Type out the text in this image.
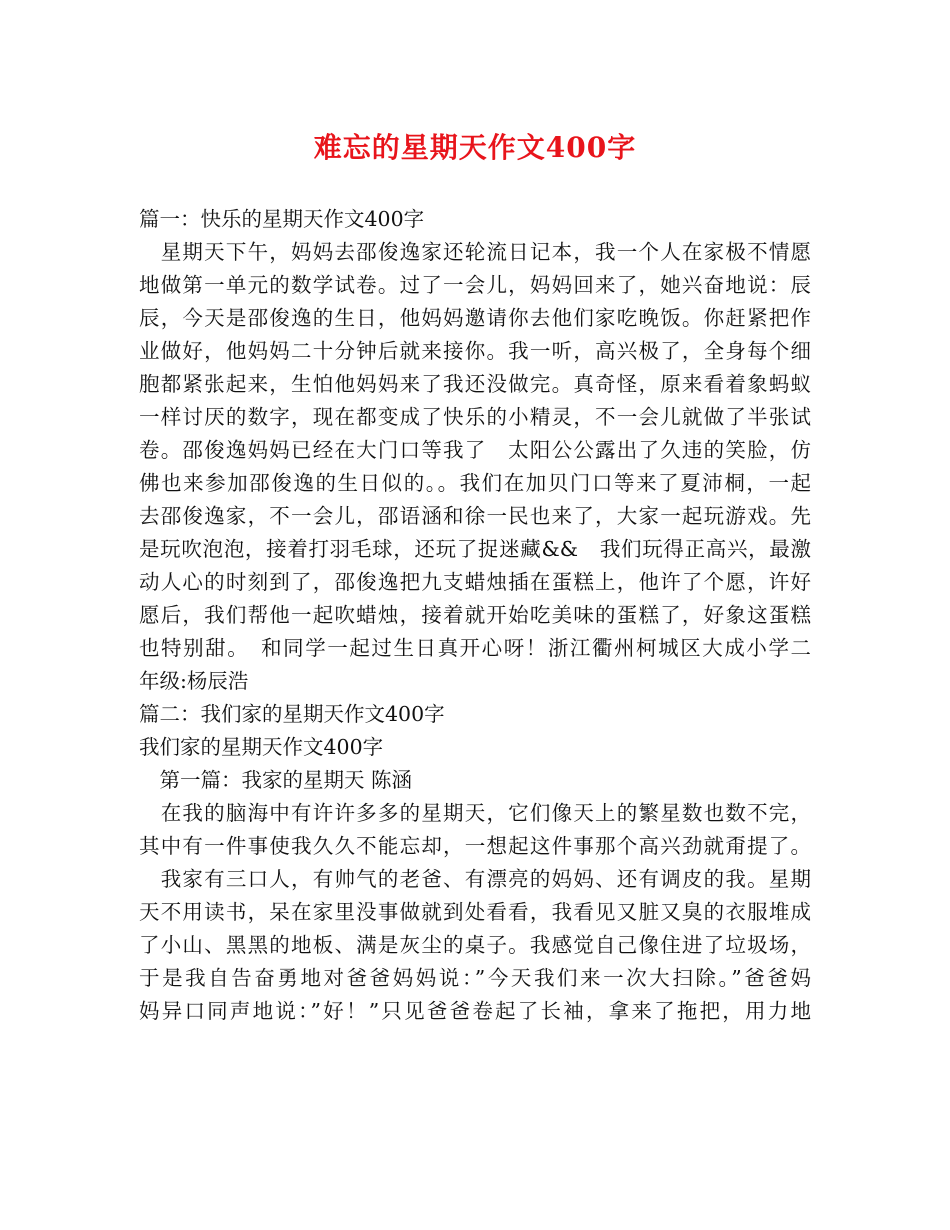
难忘的星期天作文400字
篇一：快乐的星期天作文400字
　星期天下午，妈妈去邵俊逸家还轮流日记本，我一个人在家极不情愿
地做第一单元的数学试卷。过了一会儿，妈妈回来了，她兴奋地说：辰
辰，今天是邵俊逸的生日，他妈妈邀请你去他们家吃晚饭。你赶紧把作
业做好，他妈妈二十分钟后就来接你。我一听，高兴极了，全身每个细
胞都紧张起来，生怕他妈妈来了我还没做完。真奇怪，原来看着象蚂蚁
一样讨厌的数字，现在都变成了快乐的小精灵，不一会儿就做了半张试
卷。邵俊逸妈妈已经在大门口等我了　太阳公公露出了久违的笑脸，仿
佛也来参加邵俊逸的生日似的。。我们在加贝门口等来了夏沛桐，一起
去邵俊逸家，不一会儿，邵语涵和徐一民也来了，大家一起玩游戏。先
是玩吹泡泡，接着打羽毛球，还玩了捉迷藏&&　我们玩得正高兴，最激
动人心的时刻到了，邵俊逸把九支蜡烛插在蛋糕上，他许了个愿，许好
愿后，我们帮他一起吹蜡烛，接着就开始吃美味的蛋糕了，好象这蛋糕
也特别甜。　和同学一起过生日真开心呀！浙江衢州柯城区大成小学二
年级:杨辰浩
篇二：我们家的星期天作文400字
我们家的星期天作文400字
　第一篇：我家的星期天 陈涵
　在我的脑海中有许许多多的星期天，它们像天上的繁星数也数不完，
其中有一件事使我久久不能忘却，一想起这件事那个高兴劲就甭提了。
　我家有三口人，有帅气的老爸、有漂亮的妈妈、还有调皮的我。星期
天不用读书，呆在家里没事做就到处看看，我看见又脏又臭的衣服堆成
了小山、黑黑的地板、满是灰尘的桌子。我感觉自己像住进了垃圾场，
于是我自告奋勇地对爸爸妈妈说：”今天我们来一次大扫除。”爸爸妈
妈异口同声地说：”好！”只见爸爸卷起了长袖，拿来了拖把，用力地
